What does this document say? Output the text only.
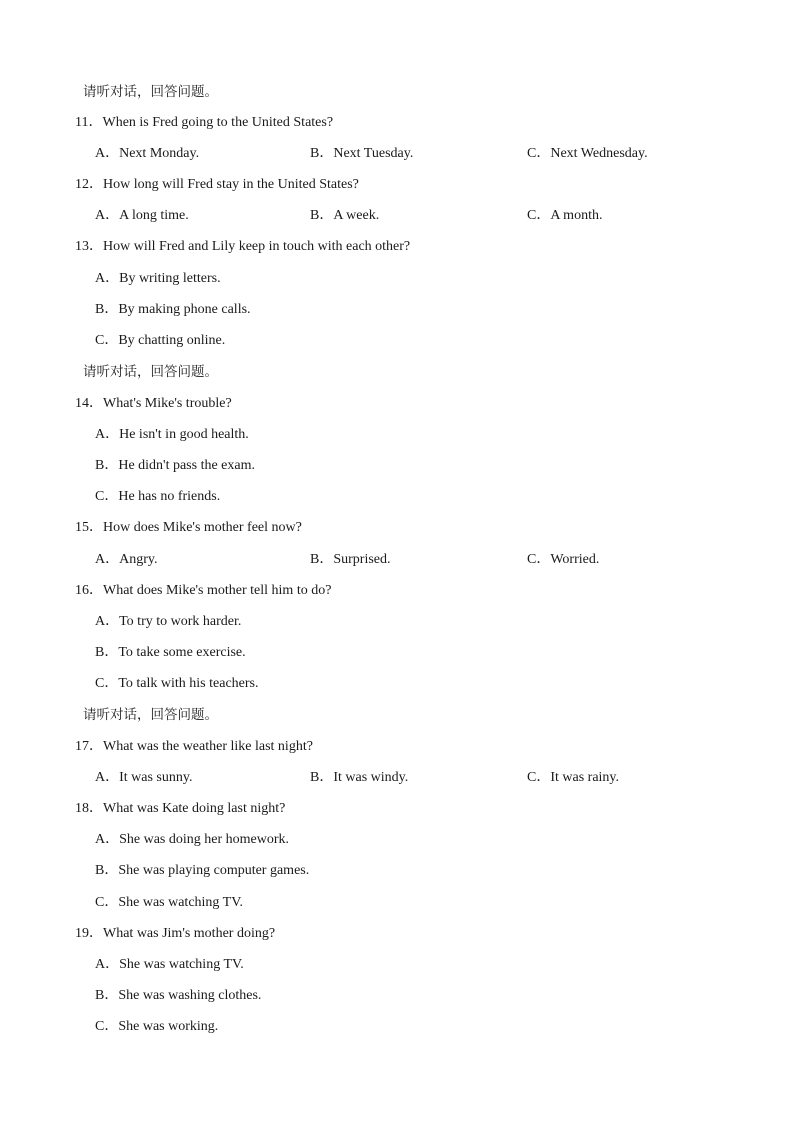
请听对话，回答问题。
11．When is Fred going to the United States?
A．Next Monday.	B．Next Tuesday.	C．Next Wednesday.
12．How long will Fred stay in the United States?
A．A long time.	B．A week.	C．A month.
13．How will Fred and Lily keep in touch with each other?
A．By writing letters.
B．By making phone calls.
C．By chatting online.
请听对话，回答问题。
14．What's Mike's trouble?
A．He isn't in good health.
B．He didn't pass the exam.
C．He has no friends.
15．How does Mike's mother feel now?
A．Angry.	B．Surprised.	C．Worried.
16．What does Mike's mother tell him to do?
A．To try to work harder.
B．To take some exercise.
C．To talk with his teachers.
请听对话，回答问题。
17．What was the weather like last night?
A．It was sunny.	B．It was windy.	C．It was rainy.
18．What was Kate doing last night?
A．She was doing her homework.
B．She was playing computer games.
C．She was watching TV.
19．What was Jim's mother doing?
A．She was watching TV.
B．She was washing clothes.
C．She was working.
